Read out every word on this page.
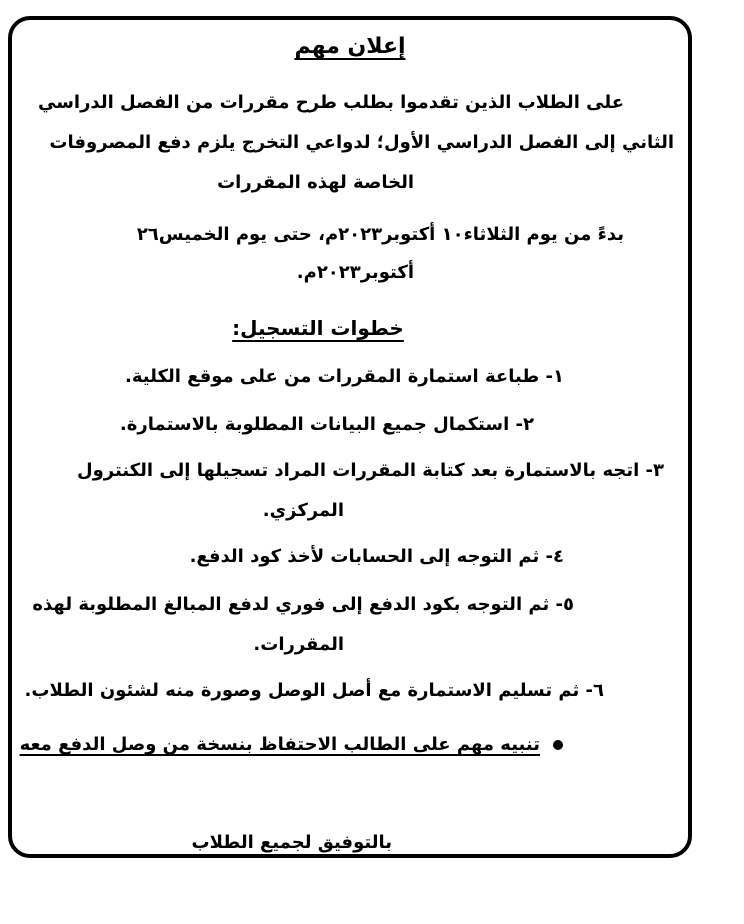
إعلان مهم
على الطلاب الذين تقدموا بطلب طرح مقررات من الفصل الدراسي
الثاني إلى الفصل الدراسي الأول؛ لدواعي التخرج يلزم دفع المصروفات
الخاصة لهذه المقررات
بدءً من يوم الثلاثاء١٠ أكتوبر٢٠٢٣م، حتى يوم الخميس٢٦
أكتوبر٢٠٢٣م.
خطوات التسجيل:
١- طباعة استمارة المقررات من على موقع الكلية.
٢- استكمال جميع البيانات المطلوبة بالاستمارة.
٣- اتجه بالاستمارة بعد كتابة المقررات المراد تسجيلها إلى الكنترول
المركزي.
٤- ثم التوجه إلى الحسابات لأخذ كود الدفع.
٥- ثم التوجه بكود الدفع إلى فوري لدفع المبالغ المطلوبة لهذه
المقررات.
٦- ثم تسليم الاستمارة مع أصل الوصل وصورة منه لشئون الطلاب.
تنبيه مهم على الطالب الاحتفاظ بنسخة من وصل الدفع معه
بالتوفيق لجميع الطلاب
